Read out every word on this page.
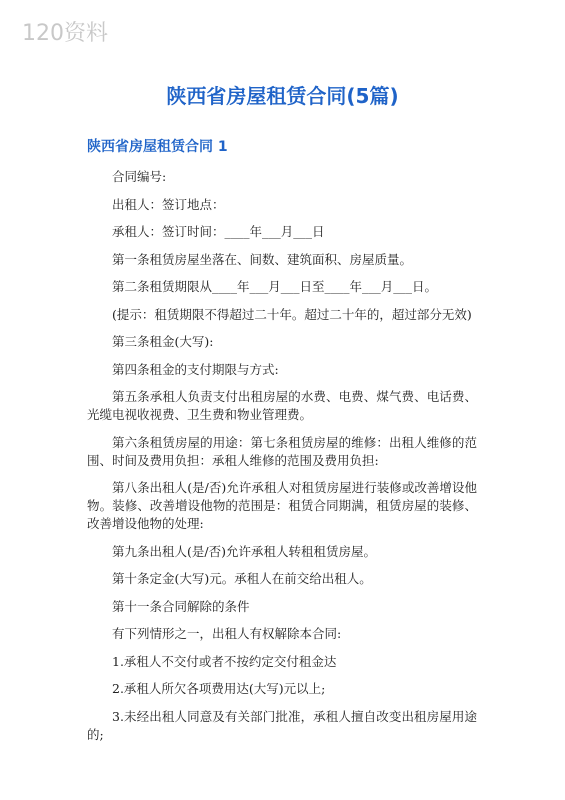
120资料
陕西省房屋租赁合同(5篇)
陕西省房屋租赁合同 1

合同编号:

出租人：签订地点：

承租人：签订时间：____年___月___日

第一条租赁房屋坐落在、间数、建筑面积、房屋质量。

第二条租赁期限从____年___月___日至____年___月___日。

(提示：租赁期限不得超过二十年。超过二十年的，超过部分无效)

第三条租金(大写):

第四条租金的支付期限与方式:

第五条承租人负责支付出租房屋的水费、电费、煤气费、电话费、光缆电视收视费、卫生费和物业管理费。

第六条租赁房屋的用途：第七条租赁房屋的维修：出租人维修的范围、时间及费用负担：承租人维修的范围及费用负担:

第八条出租人(是/否)允许承租人对租赁房屋进行装修或改善增设他物。装修、改善增设他物的范围是：租赁合同期满，租赁房屋的装修、改善增设他物的处理:

第九条出租人(是/否)允许承租人转租租赁房屋。

第十条定金(大写)元。承租人在前交给出租人。

第十一条合同解除的条件

有下列情形之一，出租人有权解除本合同:

1.承租人不交付或者不按约定交付租金达

2.承租人所欠各项费用达(大写)元以上;

3.未经出租人同意及有关部门批准，承租人擅自改变出租房屋用途的;
